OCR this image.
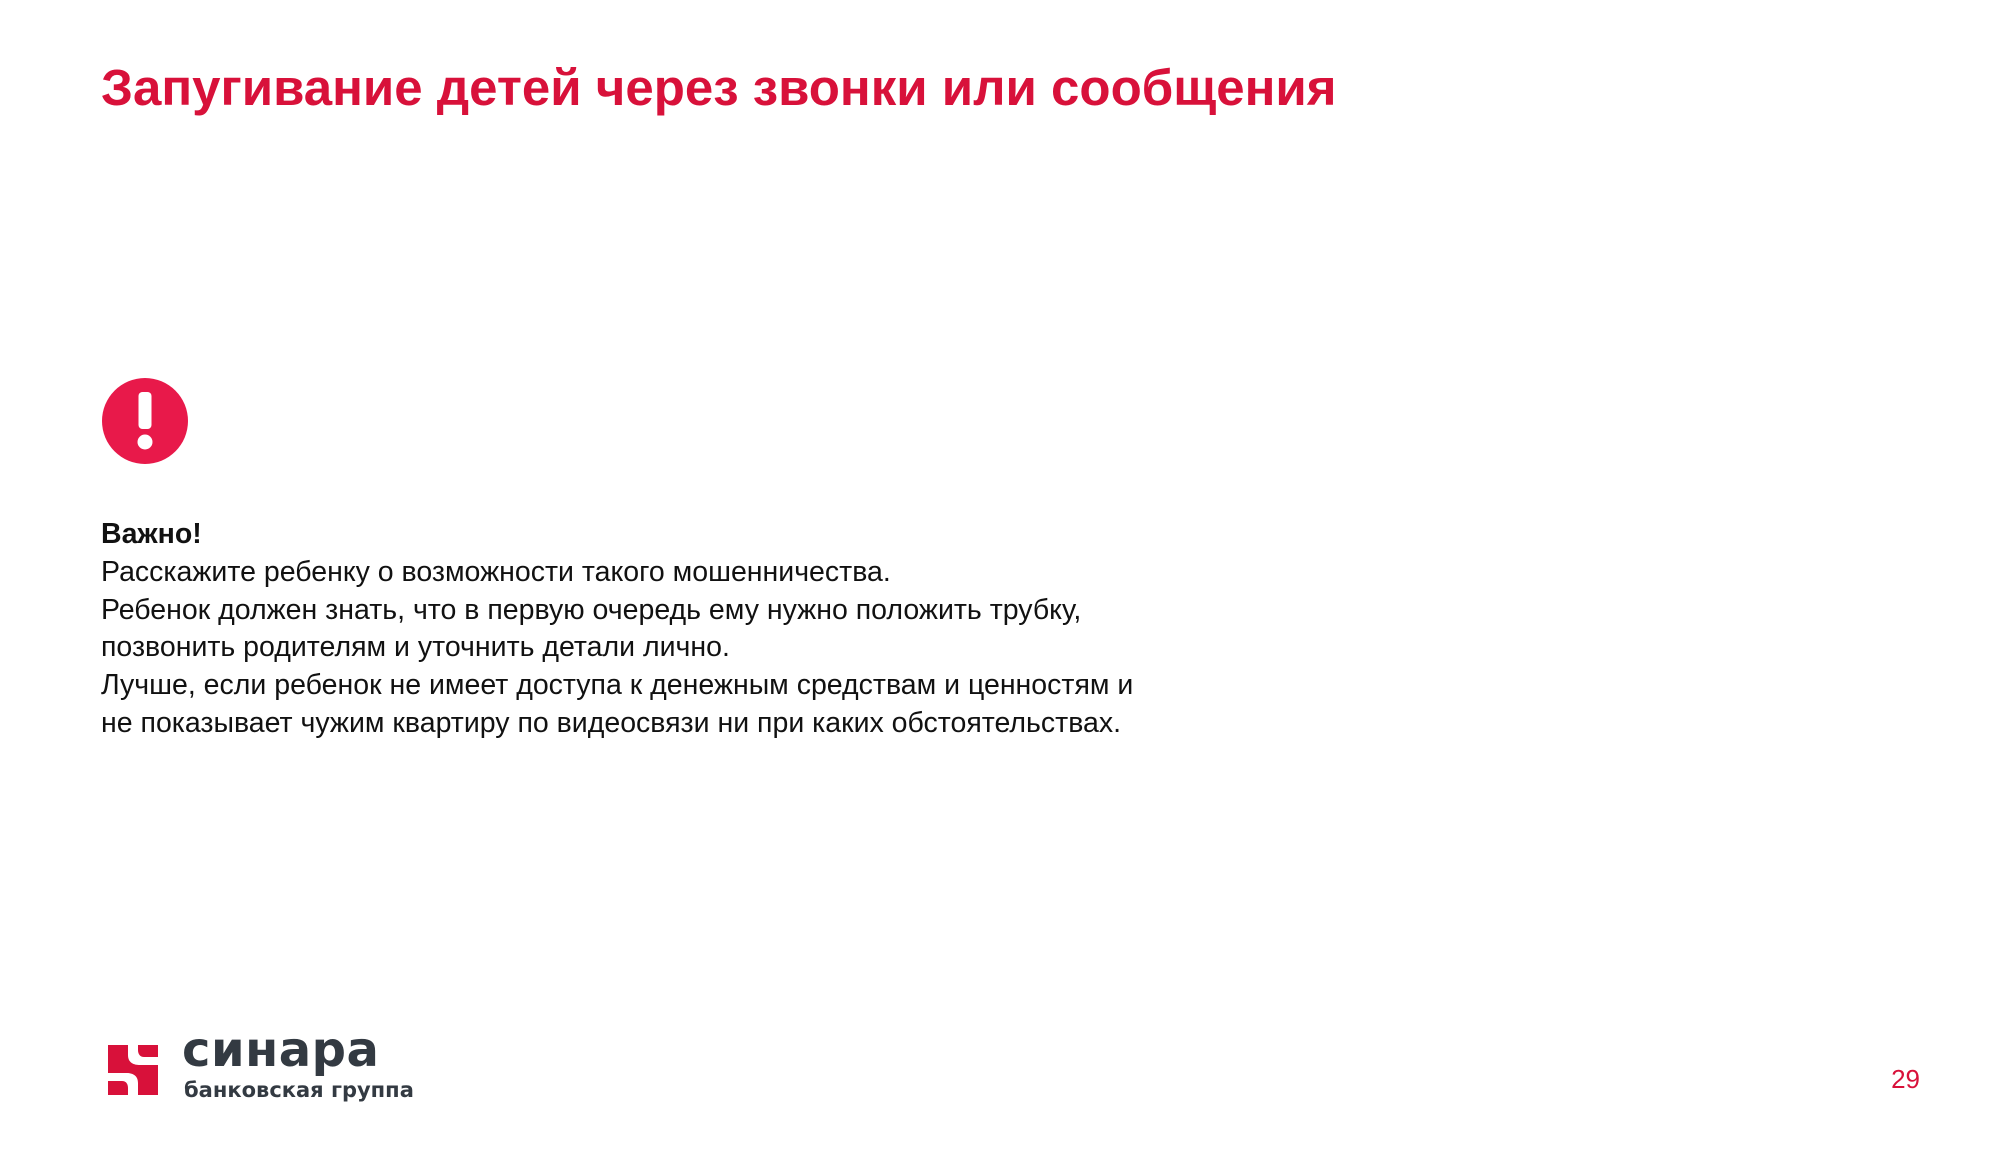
Запугивание детей через звонки или сообщения
Важно!
Расскажите ребенку о возможности такого мошенничества.
Ребенок должен знать, что в первую очередь ему нужно положить трубку,
позвонить родителям и уточнить детали лично.
Лучше, если ребенок не имеет доступа к денежным средствам и ценностям и
не показывает чужим квартиру по видеосвязи ни при каких обстоятельствах.
синара
банковская группа	29
